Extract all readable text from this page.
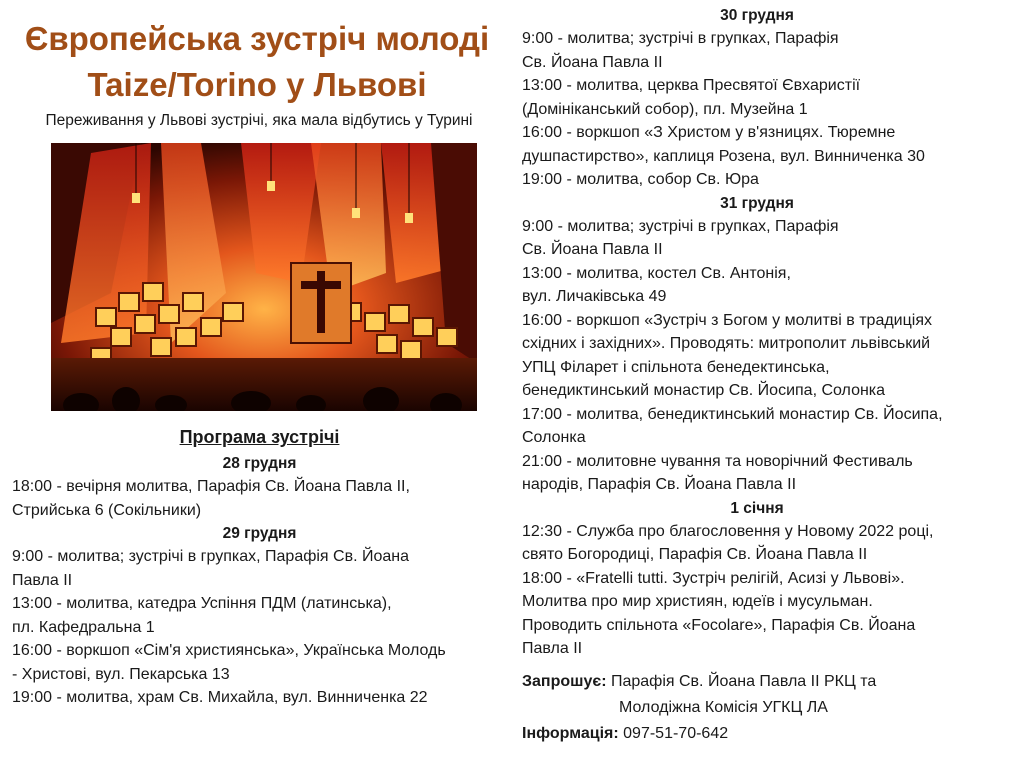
Європейська зустріч молоді
Taize/Torino у Львові

Переживання у Львові зустрічі, яка мала відбутись у Турині

Програма зустрічі

28 грудня

18:00 - вечірня молитва, Парафія Св. Йоана Павла II,

Стрийська 6 (Сокільники)

29 грудня

9:00 - молитва; зустрічі в групках, Парафія Св. Йоана

Павла II

13:00 - молитва, катедра Успіння ПДМ (латинська),

пл. Кафедральна 1

16:00 - воркшоп «Сім'я християнська», Українська Молодь

- Христові, вул. Пекарська 13

19:00 - молитва, храм Св. Михайла, вул. Винниченка 22

30 грудня

9:00 - молитва; зустрічі в групках, Парафія

Св. Йоана Павла II

13:00 - молитва, церква Пресвятої Євхаристії

(Домініканський собор), пл. Музейна 1

16:00 - воркшоп «З Христом у в'язницях. Тюремне

душпастирство», каплиця Розена, вул. Винниченка 30

19:00 - молитва, собор Св. Юра

31 грудня

9:00 - молитва; зустрічі в групках, Парафія

Св. Йоана Павла II

13:00 - молитва, костел Св. Антонія,

вул. Личаківська 49

16:00 - воркшоп «Зустріч з Богом у молитві в традиціях

східних і західних». Проводять: митрополит львівський

УПЦ Філарет і спільнота бенедектинська,

бенедиктинський монастир Св. Йосипа, Солонка

17:00 - молитва, бенедиктинський монастир Св. Йосипа,

Солонка

21:00 - молитовне чування та новорічний Фестиваль

народів, Парафія Св. Йоана Павла II

1 січня

12:30 - Служба про благословення у Новому 2022 році,

свято Богородиці, Парафія Св. Йоана Павла II

18:00 - «Fratelli tutti. Зустріч релігій, Асизі у Львові».

Молитва про мир християн, юдеїв і мусульман.

Проводить спільнота «Focolare», Парафія Св. Йоана

Павла II

Запрошує: Парафія Св. Йоана Павла II РКЦ та

Молодіжна Комісія УГКЦ ЛА

Інформація: 097-51-70-642
